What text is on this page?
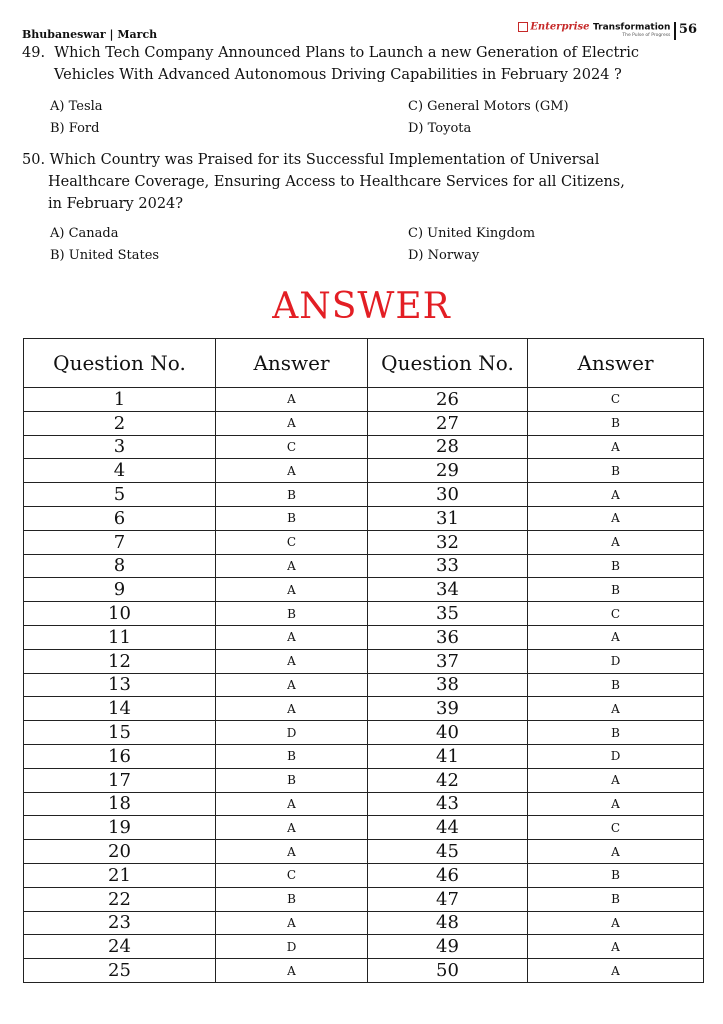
Bhubaneswar | March
Enterprise Transformation
The Pulse of Progress 56
49. Which Tech Company Announced Plans to Launch a new Generation of Electric
Vehicles With Advanced Autonomous Driving Capabilities in February 2024 ?
A) Tesla	C) General Motors (GM)
B) Ford	D) Toyota
50. Which Country was Praised for its Successful Implementation of Universal
Healthcare Coverage, Ensuring Access to Healthcare Services for all Citizens,
in February 2024?
A) Canada	C) United Kingdom
B) United States	D) Norway
ANSWER
Question No.	Answer	Question No.	Answer
1	A	26	C
2	A	27	B
3	C	28	A
4	A	29	B
5	B	30	A
6	B	31	A
7	C	32	A
8	A	33	B
9	A	34	B
10	B	35	C
11	A	36	A
12	A	37	D
13	A	38	B
14	A	39	A
15	D	40	B
16	B	41	D
17	B	42	A
18	A	43	A
19	A	44	C
20	A	45	A
21	C	46	B
22	B	47	B
23	A	48	A
24	D	49	A
25	A	50	A
